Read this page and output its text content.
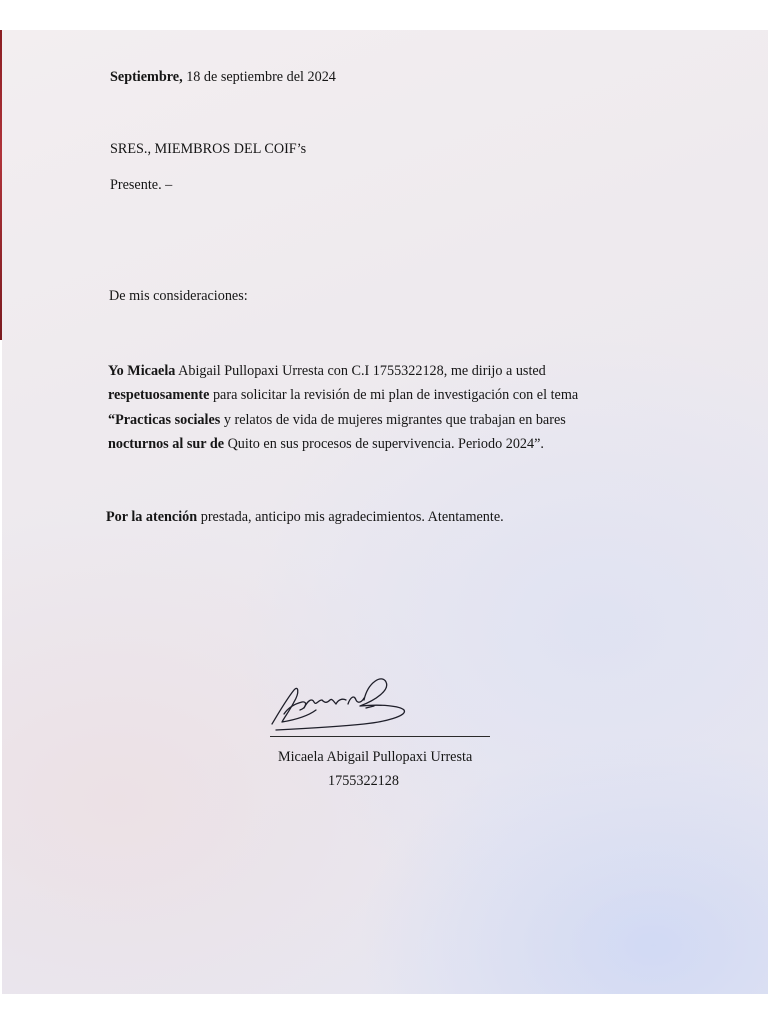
Septiembre, 18 de septiembre del 2024
SRES., MIEMBROS DEL COIF’s
Presente. –
De mis consideraciones:
Yo Micaela Abigail Pullopaxi Urresta con C.I 1755322128, me dirijo a usted
respetuosamente para solicitar la revisión de mi plan de investigación con el tema
“Practicas sociales y relatos de vida de mujeres migrantes que trabajan en bares
nocturnos al sur de Quito en sus procesos de supervivencia. Periodo 2024”.
Por la atención prestada, anticipo mis agradecimientos. Atentamente.
Micaela Abigail Pullopaxi Urresta
1755322128
